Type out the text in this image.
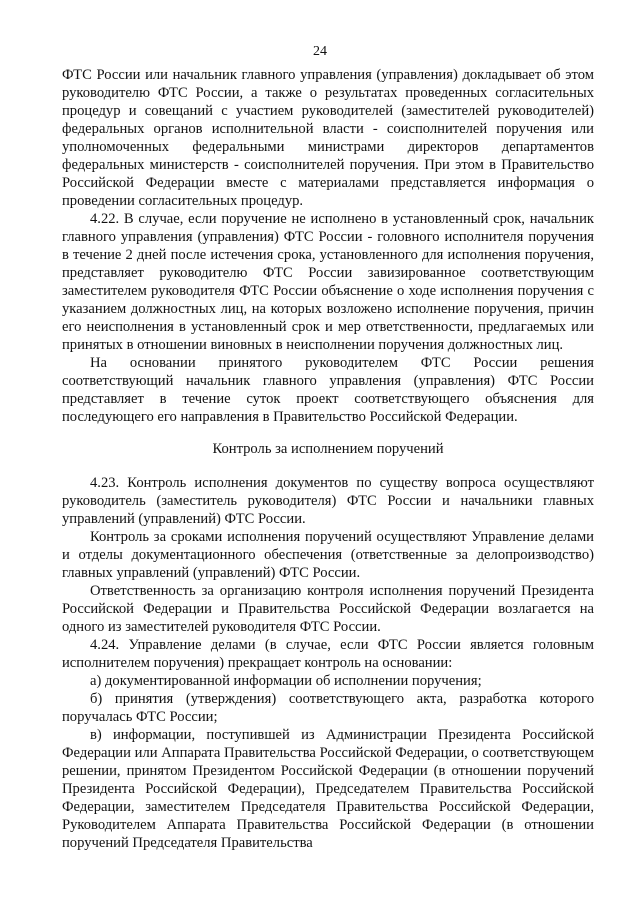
24

ФТС России или начальник главного управления (управления) докладывает об этом руководителю ФТС России, а также о результатах проведенных согласительных процедур и совещаний с участием руководителей (заместителей руководителей) федеральных органов исполнительной власти - соисполнителей поручения или уполномоченных федеральными министрами директоров департаментов федеральных министерств - соисполнителей поручения. При этом в Правительство Российской Федерации вместе с материалами представляется информация о проведении согласительных процедур.

4.22. В случае, если поручение не исполнено в установленный срок, начальник главного управления (управления) ФТС России - головного исполнителя поручения в течение 2 дней после истечения срока, установленного для исполнения поручения, представляет руководителю ФТС России завизированное соответствующим заместителем руководителя ФТС России объяснение о ходе исполнения поручения с указанием должностных лиц, на которых возложено исполнение поручения, причин его неисполнения в установленный срок и мер ответственности, предлагаемых или принятых в отношении виновных в неисполнении поручения должностных лиц.

На основании принятого руководителем ФТС России решения соответствующий начальник главного управления (управления) ФТС России представляет в течение суток проект соответствующего объяснения для последующего его направления в Правительство Российской Федерации.

Контроль за исполнением поручений

4.23. Контроль исполнения документов по существу вопроса осуществляют руководитель (заместитель руководителя) ФТС России и начальники главных управлений (управлений) ФТС России.

Контроль за сроками исполнения поручений осуществляют Управление делами и отделы документационного обеспечения (ответственные за делопроизводство) главных управлений (управлений) ФТС России.

Ответственность за организацию контроля исполнения поручений Президента Российской Федерации и Правительства Российской Федерации возлагается на одного из заместителей руководителя ФТС России.

4.24. Управление делами (в случае, если ФТС России является головным исполнителем поручения) прекращает контроль на основании:

а) документированной информации об исполнении поручения;

б) принятия (утверждения) соответствующего акта, разработка которого поручалась ФТС России;

в) информации, поступившей из Администрации Президента Российской Федерации или Аппарата Правительства Российской Федерации, о соответствующем решении, принятом Президентом Российской Федерации (в отношении поручений Президента Российской Федерации), Председателем Правительства Российской Федерации, заместителем Председателя Правительства Российской Федерации, Руководителем Аппарата Правительства Российской Федерации (в отношении поручений Председателя Правительства
